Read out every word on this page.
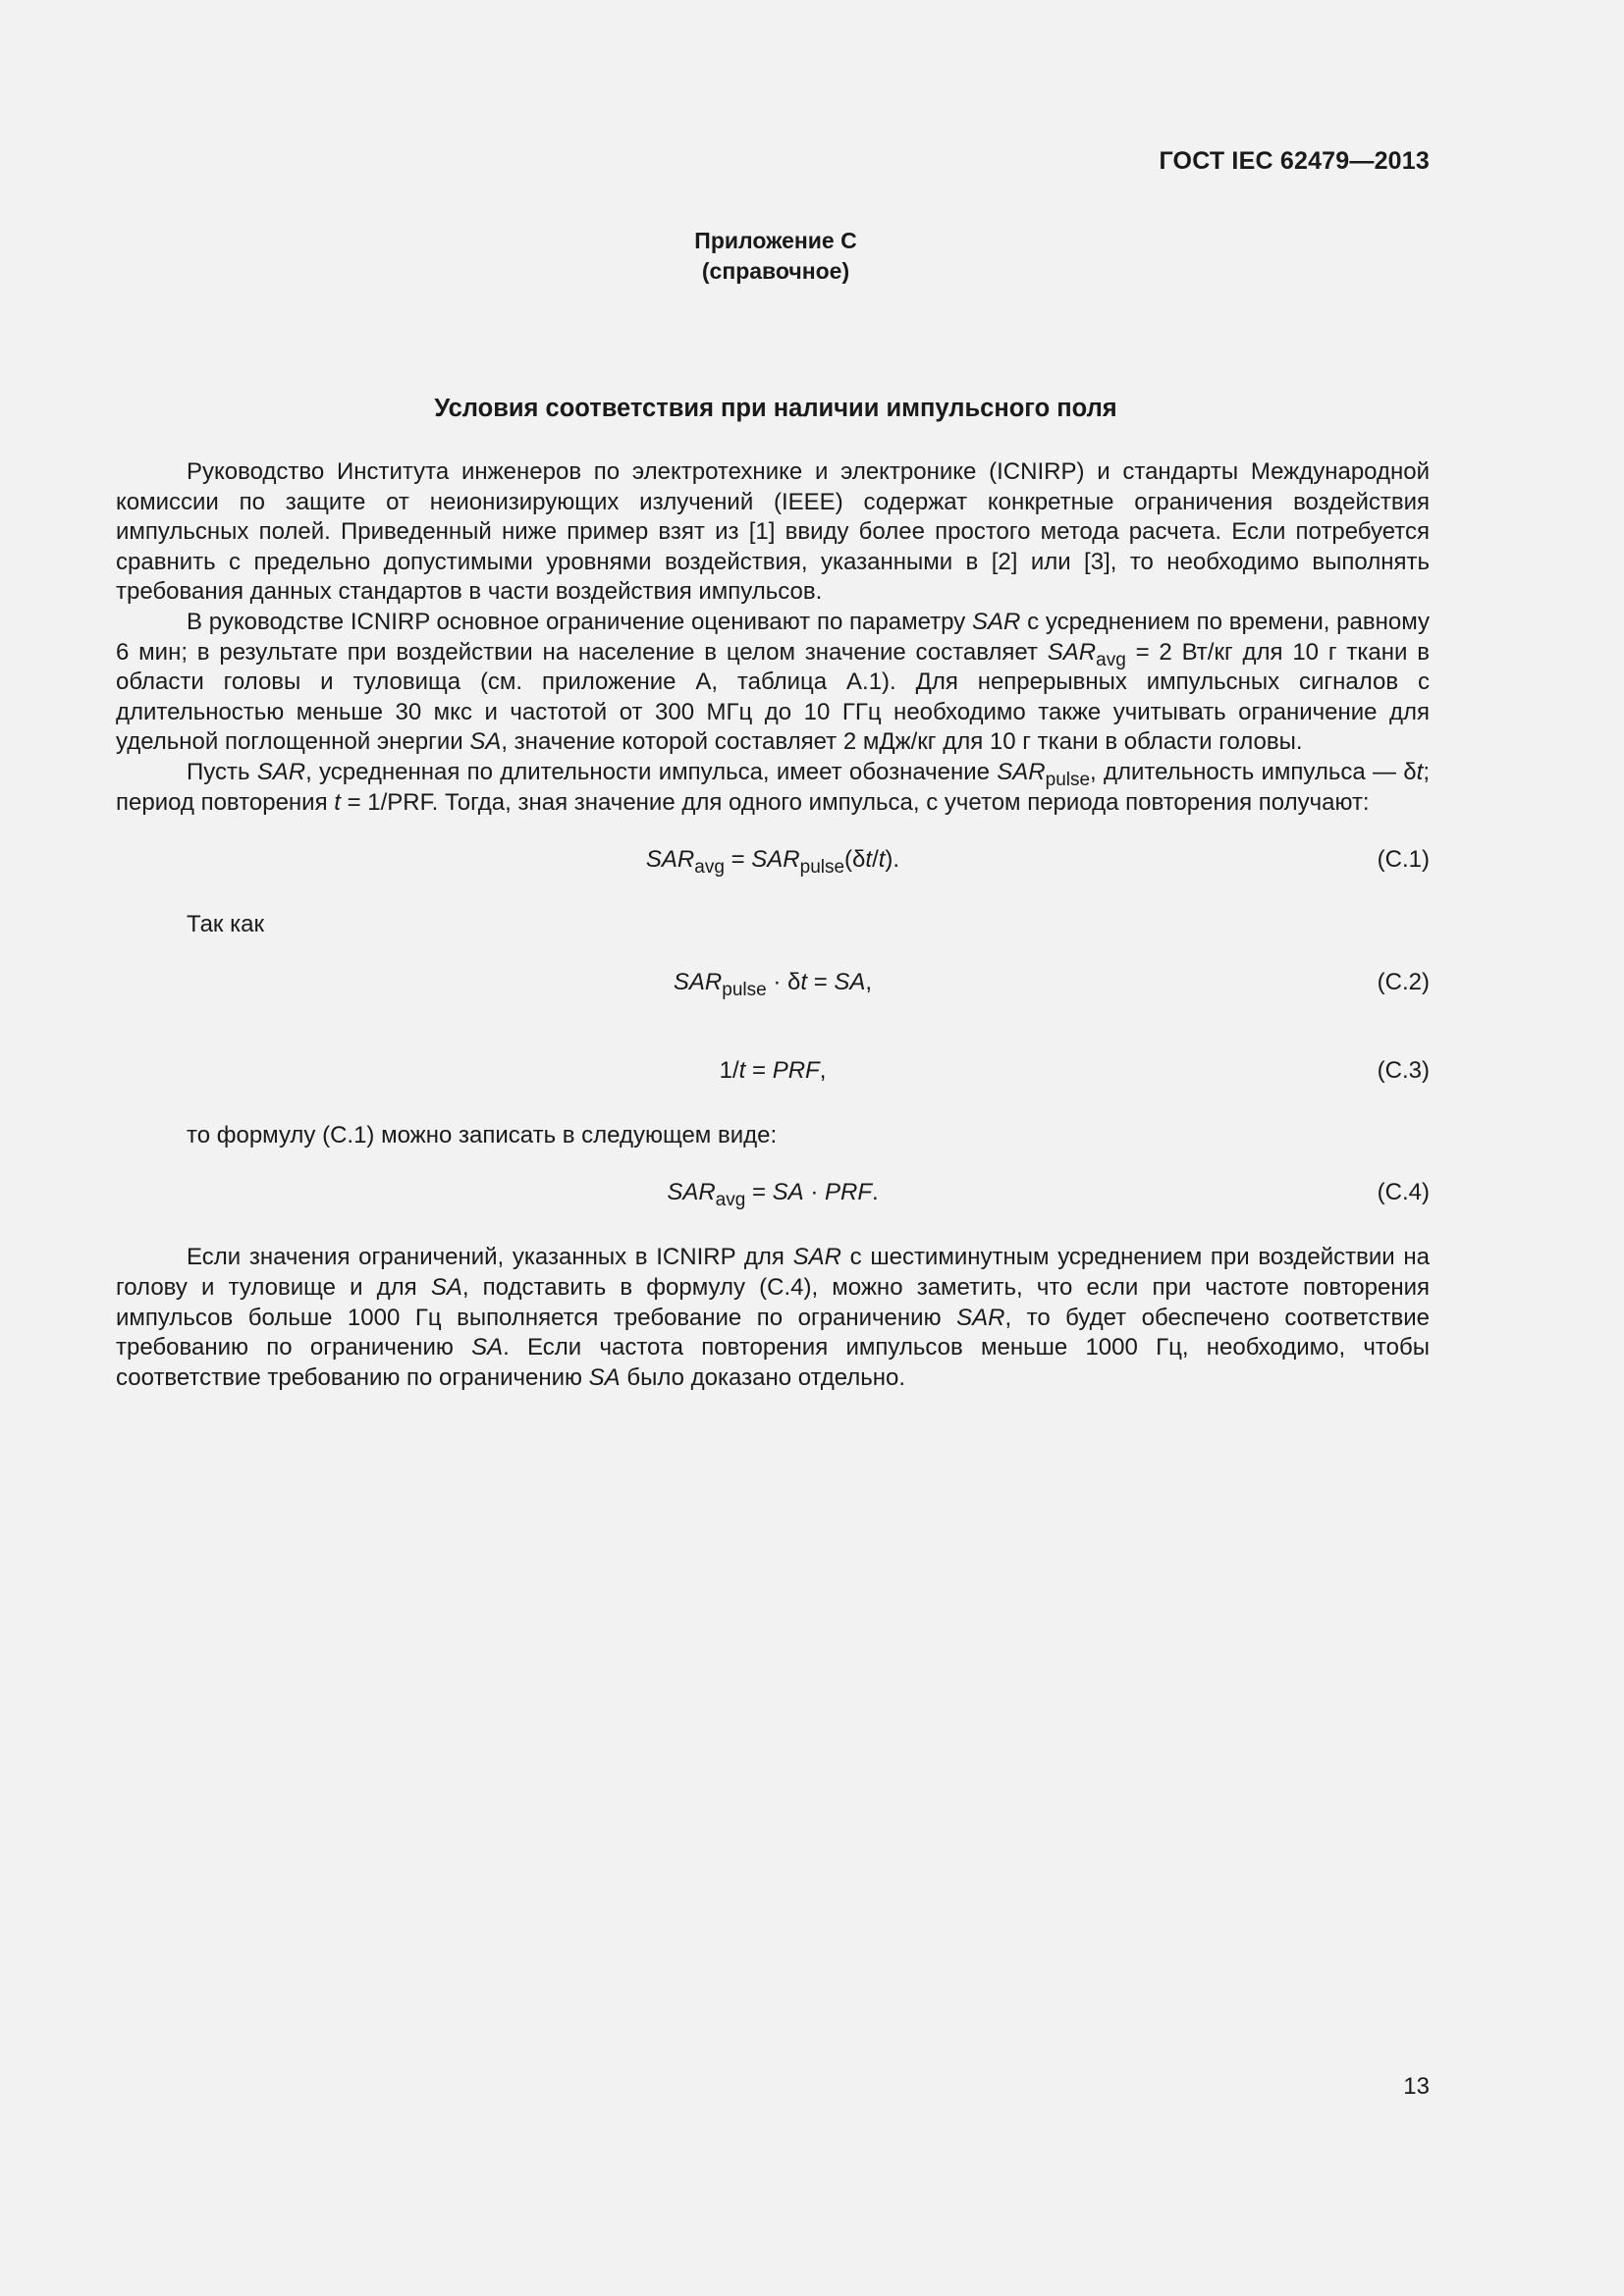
ГОСТ IEC 62479—2013
Приложение С
(справочное)
Условия соответствия при наличии импульсного поля

Руководство Института инженеров по электротехнике и электронике (ICNIRP) и стандарты Международной комиссии по защите от неионизирующих излучений (IEEE) содержат конкретные ограничения воздействия импульсных полей. Приведенный ниже пример взят из [1] ввиду более простого метода расчета. Если потребуется сравнить с предельно допустимыми уровнями воздействия, указанными в [2] или [3], то необходимо выполнять требования данных стандартов в части воздействия импульсов.

В руководстве ICNIRP основное ограничение оценивают по параметру SAR с усреднением по времени, равному 6 мин; в результате при воздействии на население в целом значение составляет $SAR_{avg} = 2$ Вт/кг для 10 г ткани в области головы и туловища (см. приложение А, таблица А.1). Для непрерывных импульсных сигналов с длительностью меньше 30 мкс и частотой от 300 МГц до 10 ГГц необходимо также учитывать ограничение для удельной поглощенной энергии SA, значение которой составляет 2 мДж/кг для 10 г ткани в области головы.

Пусть SAR, усредненная по длительности импульса, имеет обозначение $SAR_{pulse}$, длительность импульса — δt; период повторения t = 1/PRF. Тогда, зная значение для одного импульса, с учетом периода повторения получают:

$SAR_{avg} = SAR_{pulse}(\delta t/t)$.	(С.1)

Так как

$SAR_{pulse} \cdot \delta t$ = SA,	(С.2)
1/t = PRF,	(С.3)

то формулу (С.1) можно записать в следующем виде:

$SAR_{avg}$ = SA · PRF.	(С.4)

Если значения ограничений, указанных в ICNIRP для SAR с шестиминутным усреднением при воздействии на голову и туловище и для SA, подставить в формулу (С.4), можно заметить, что если при частоте повторения импульсов больше 1000 Гц выполняется требование по ограничению SAR, то будет обеспечено соответствие требованию по ограничению SA. Если частота повторения импульсов меньше 1000 Гц, необходимо, чтобы соответствие требованию по ограничению SA было доказано отдельно.

13
